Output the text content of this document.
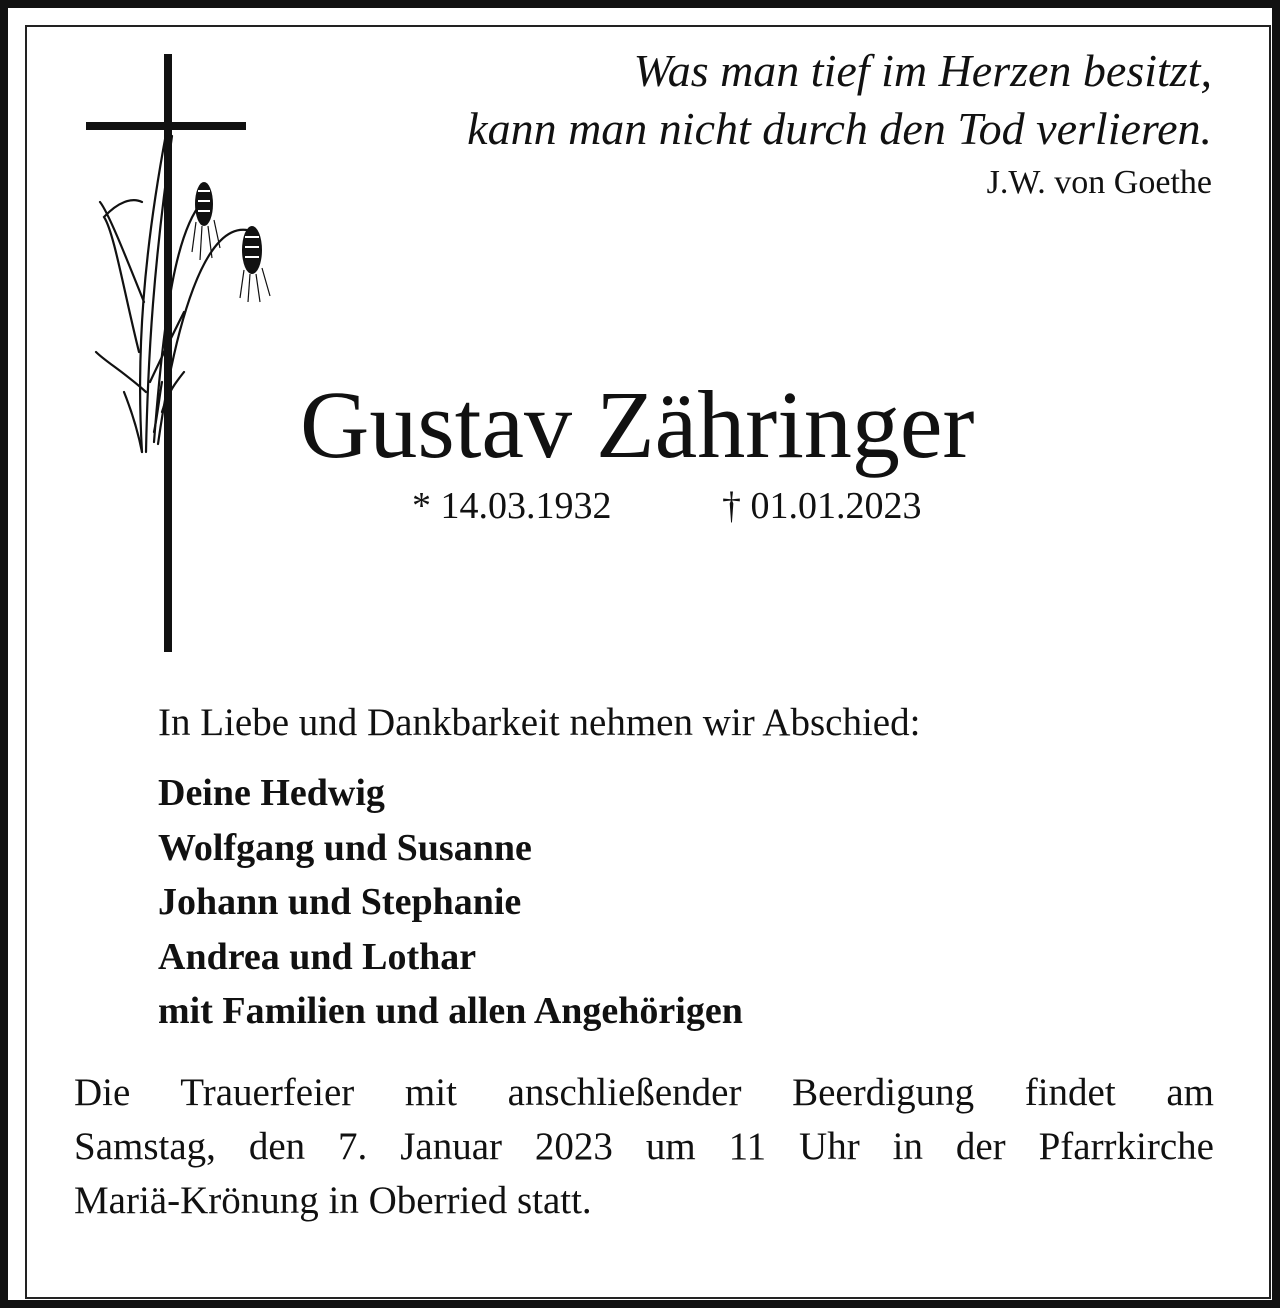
Was man tief im Herzen besitzt,
kann man nicht durch den Tod verlieren.
J.W. von Goethe
Gustav Zähringer
* 14.03.1932	† 01.01.2023
In Liebe und Dankbarkeit nehmen wir Abschied:
Deine Hedwig
Wolfgang und Susanne
Johann und Stephanie
Andrea und Lothar
mit Familien und allen Angehörigen
Die Trauerfeier mit anschließender Beerdigung findet am
Samstag, den 7. Januar 2023 um 11 Uhr in der Pfarrkirche
Mariä-Krönung in Oberried statt.
